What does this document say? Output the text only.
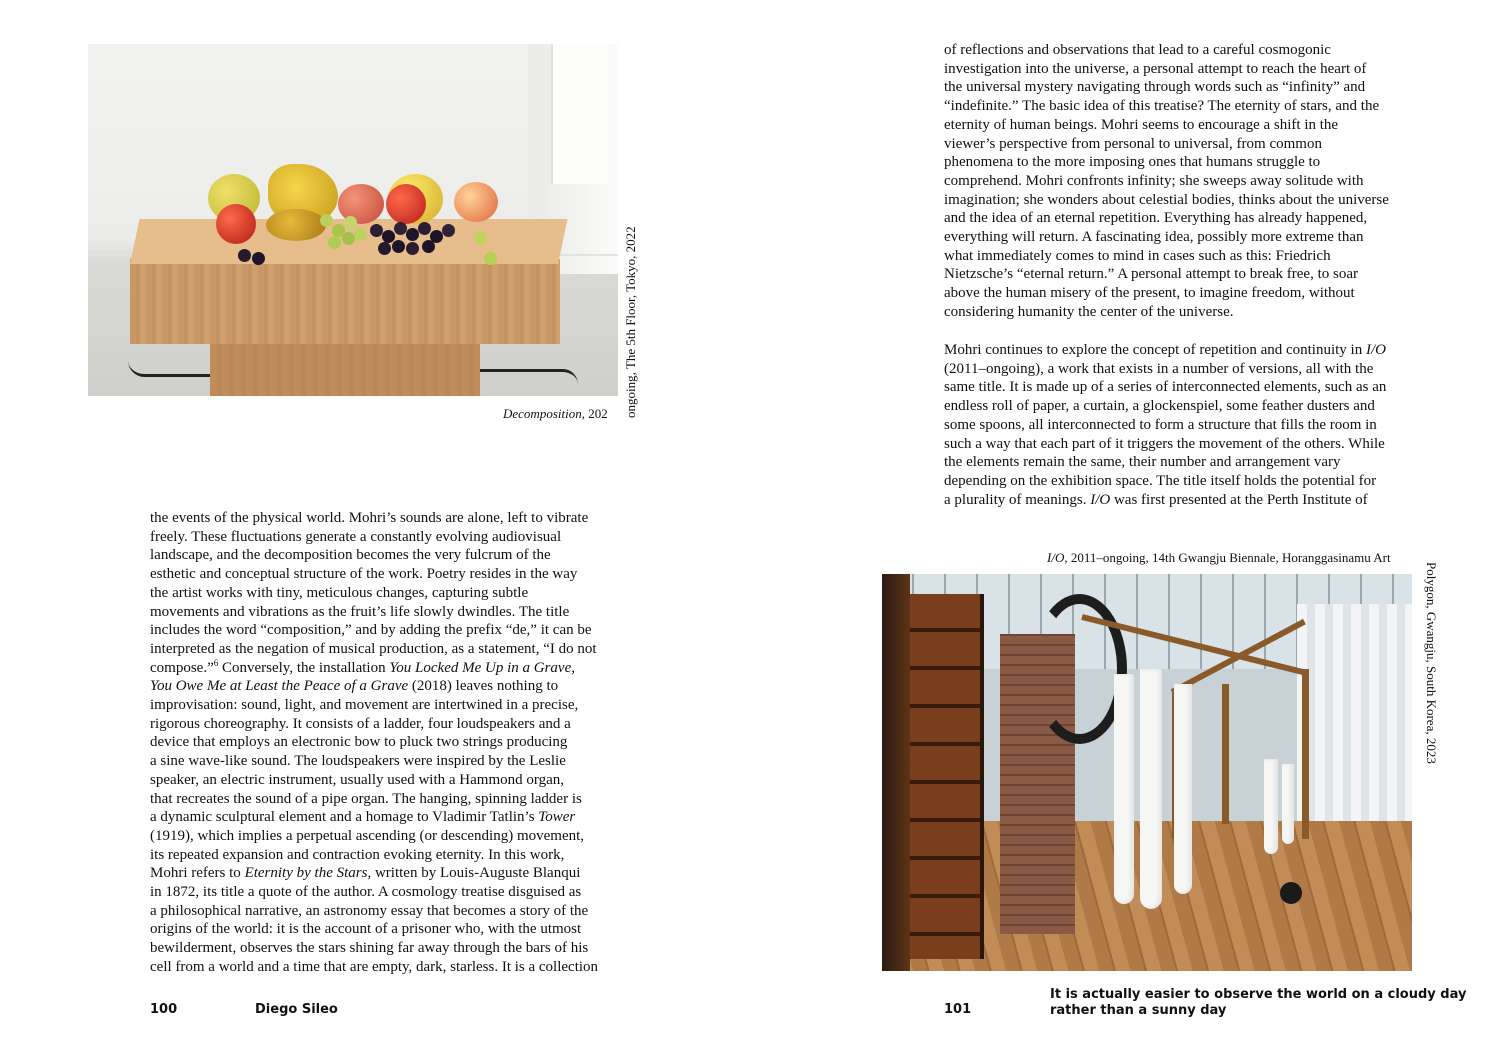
Decomposition, 202 ongoing, The 5th Floor, Tokyo, 2022
the events of the physical world. Mohri’s sounds are alone, left to vibrate
freely. These fluctuations generate a constantly evolving audiovisual
landscape, and the decomposition becomes the very fulcrum of the
esthetic and conceptual structure of the work. Poetry resides in the way
the artist works with tiny, meticulous changes, capturing subtle
movements and vibrations as the fruit’s life slowly dwindles. The title
includes the word “composition,” and by adding the prefix “de,” it can be
interpreted as the negation of musical production, as a statement, “I do not
compose.”$^6$ Conversely, the installation You Locked Me Up in a Grave,
You Owe Me at Least the Peace of a Grave (2018) leaves nothing to
improvisation: sound, light, and movement are intertwined in a precise,
rigorous choreography. It consists of a ladder, four loudspeakers and a
device that employs an electronic bow to pluck two strings producing
a sine wave-like sound. The loudspeakers were inspired by the Leslie
speaker, an electric instrument, usually used with a Hammond organ,
that recreates the sound of a pipe organ. The hanging, spinning ladder is
a dynamic sculptural element and a homage to Vladimir Tatlin’s Tower
(1919), which implies a perpetual ascending (or descending) movement,
its repeated expansion and contraction evoking eternity. In this work,
Mohri refers to Eternity by the Stars, written by Louis-Auguste Blanqui
in 1872, its title a quote of the author. A cosmology treatise disguised as
a philosophical narrative, an astronomy essay that becomes a story of the
origins of the world: it is the account of a prisoner who, with the utmost
bewilderment, observes the stars shining far away through the bars of his
cell from a world and a time that are empty, dark, starless. It is a collection
100	Diego Sileo
of reflections and observations that lead to a careful cosmogonic
investigation into the universe, a personal attempt to reach the heart of
the universal mystery navigating through words such as “infinity” and
“indefinite.” The basic idea of this treatise? The eternity of stars, and the
eternity of human beings. Mohri seems to encourage a shift in the
viewer’s perspective from personal to universal, from common
phenomena to the more imposing ones that humans struggle to
comprehend. Mohri confronts infinity; she sweeps away solitude with
imagination; she wonders about celestial bodies, thinks about the universe
and the idea of an eternal repetition. Everything has already happened,
everything will return. A fascinating idea, possibly more extreme than
what immediately comes to mind in cases such as this: Friedrich
Nietzsche’s “eternal return.” A personal attempt to break free, to soar
above the human misery of the present, to imagine freedom, without
considering humanity the center of the universe.
Mohri continues to explore the concept of repetition and continuity in I/O
(2011–ongoing), a work that exists in a number of versions, all with the
same title. It is made up of a series of interconnected elements, such as an
endless roll of paper, a curtain, a glockenspiel, some feather dusters and
some spoons, all interconnected to form a structure that fills the room in
such a way that each part of it triggers the movement of the others. While
the elements remain the same, their number and arrangement vary
depending on the exhibition space. The title itself holds the potential for
a plurality of meanings. I/O was first presented at the Perth Institute of
I/O, 2011–ongoing, 14th Gwangju Biennale, Horanggasinamu Art
Polygon, Gwangju, South Korea, 2023
101
It is actually easier to observe the world on a cloudy day
rather than a sunny day
